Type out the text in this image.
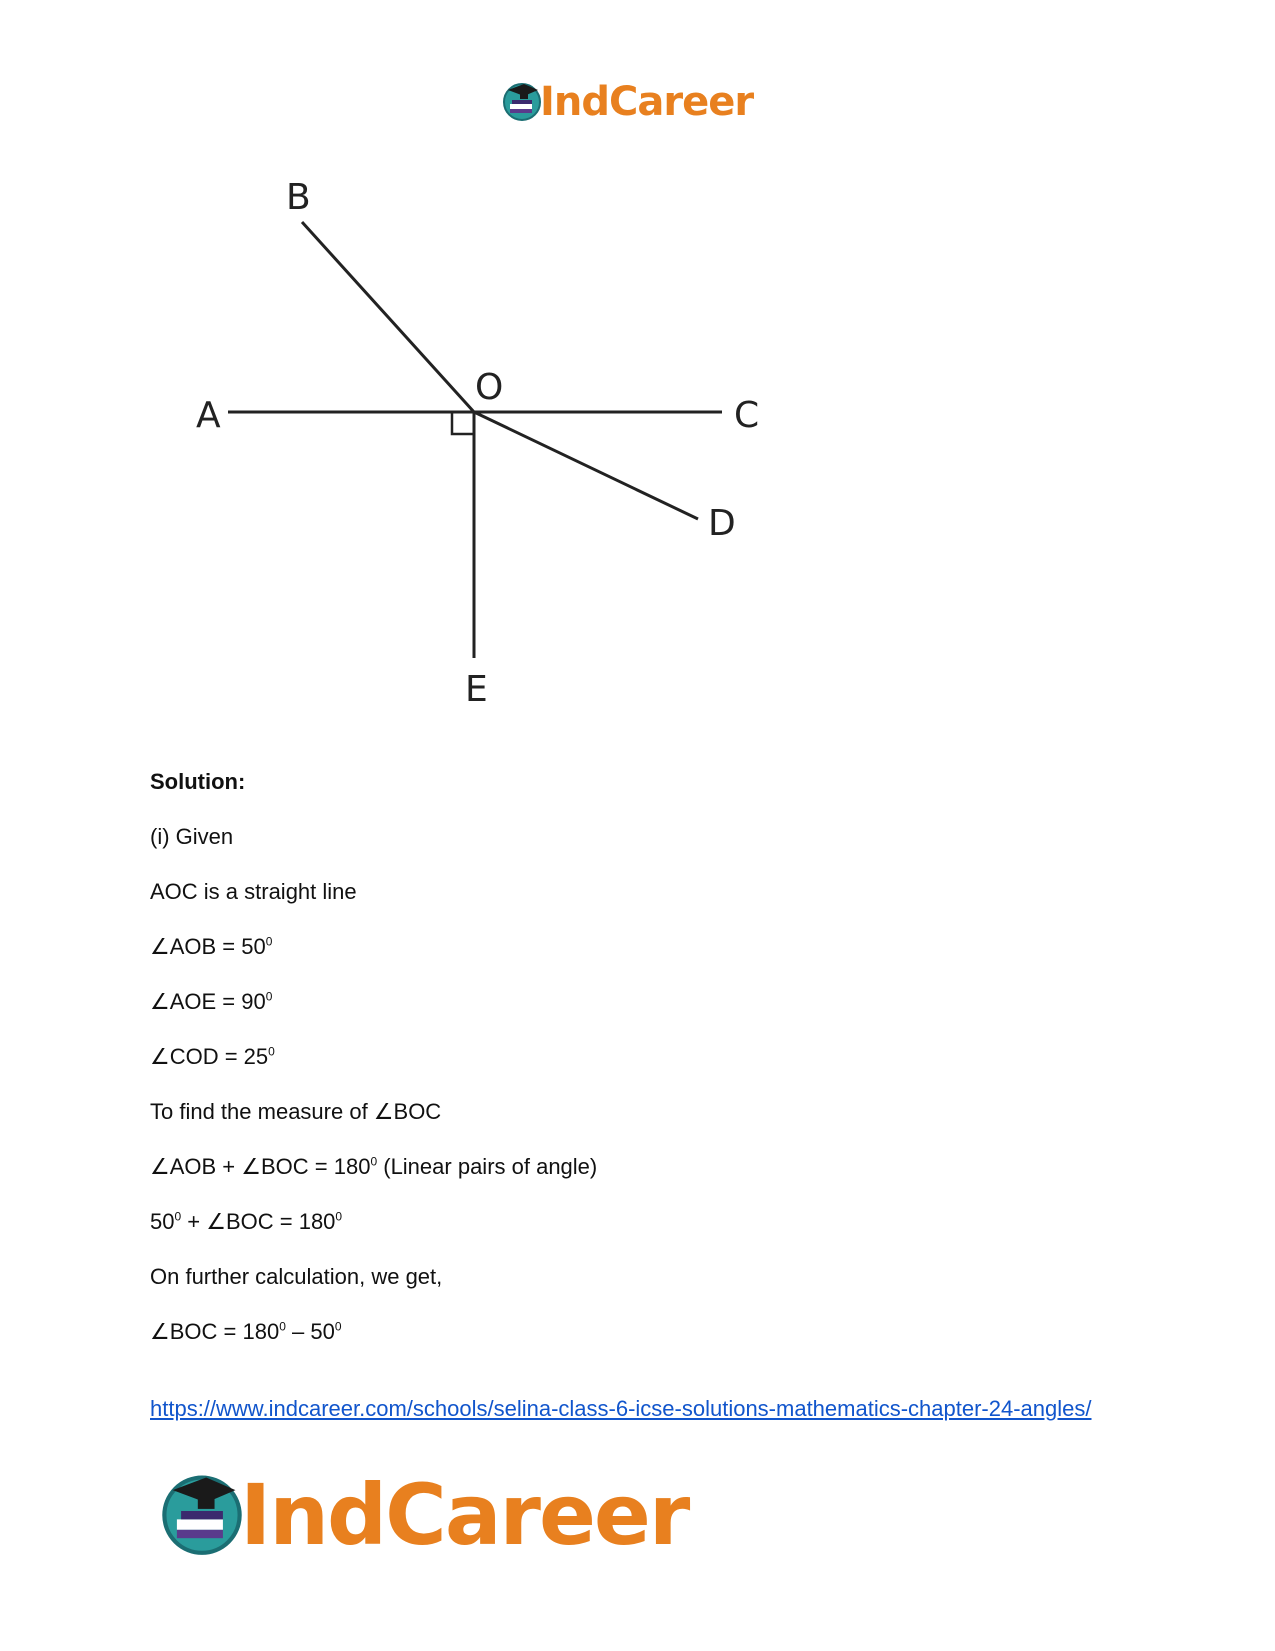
IndCareer
A
B
C
D
E
O

Solution:

(i) Given

AOC is a straight line

∠AOB = $50^0$

∠AOE = $90^0$

∠COD = $25^0$

To find the measure of ∠BOC

∠AOB + ∠BOC = $180^0$ (Linear pairs of angle)

$50^0$ + ∠BOC = $180^0$

On further calculation, we get,

∠BOC = $180^0 - 50^0$

https://www.indcareer.com/schools/selina-class-6-icse-solutions-mathematics-chapter-24-angles/
IndCareer
